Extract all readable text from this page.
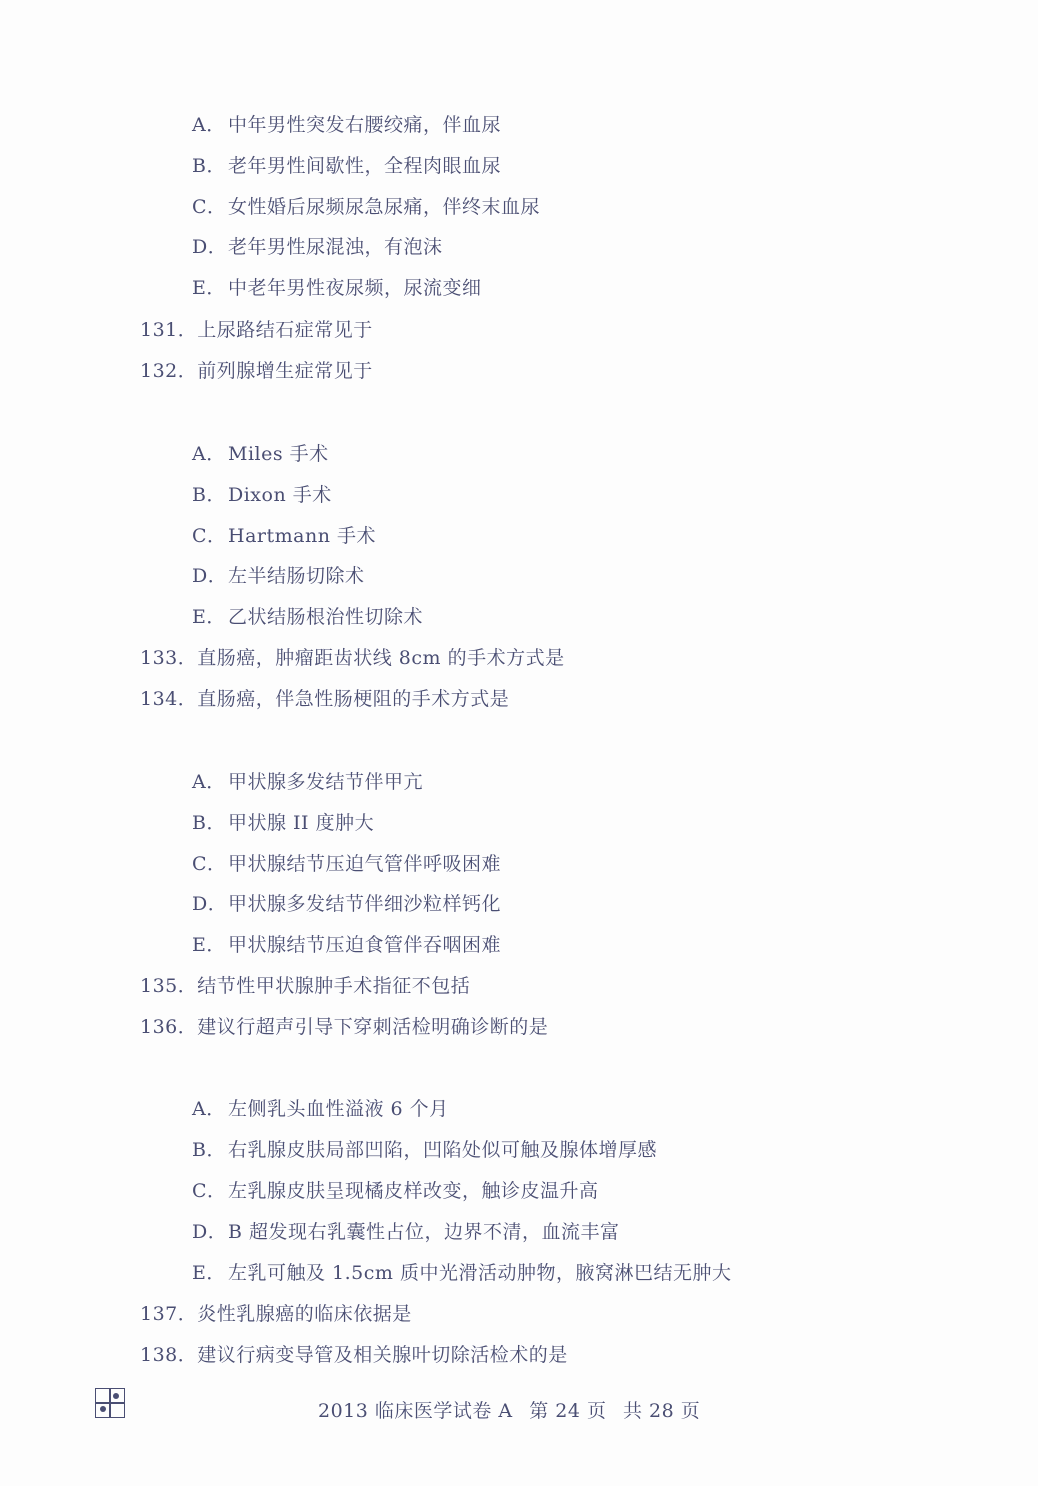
A． 中年男性突发右腰绞痛，伴血尿
B． 老年男性间歇性，全程肉眼血尿
C．女性婚后尿频尿急尿痛，伴终末血尿
D．老年男性尿混浊，有泡沫
E． 中老年男性夜尿频，尿流变细
131．上尿路结石症常见于
132．前列腺增生症常见于
A． Miles 手术
B． Dixon 手术
C．Hartmann 手术
D．左半结肠切除术
E． 乙状结肠根治性切除术
133．直肠癌，肿瘤距齿状线 8cm 的手术方式是
134．直肠癌，伴急性肠梗阻的手术方式是
A． 甲状腺多发结节伴甲亢
B． 甲状腺 II 度肿大
C．甲状腺结节压迫气管伴呼吸困难
D．甲状腺多发结节伴细沙粒样钙化
E． 甲状腺结节压迫食管伴吞咽困难
135．结节性甲状腺肿手术指征不包括
136．建议行超声引导下穿刺活检明确诊断的是
A． 左侧乳头血性溢液 6 个月
B． 右乳腺皮肤局部凹陷，凹陷处似可触及腺体增厚感
C．左乳腺皮肤呈现橘皮样改变，触诊皮温升高
D．B 超发现右乳囊性占位，边界不清，血流丰富
E． 左乳可触及 1.5cm 质中光滑活动肿物，腋窝淋巴结无肿大
137．炎性乳腺癌的临床依据是
138．建议行病变导管及相关腺叶切除活检术的是
2013 临床医学试卷 A 第 24 页 共 28 页
